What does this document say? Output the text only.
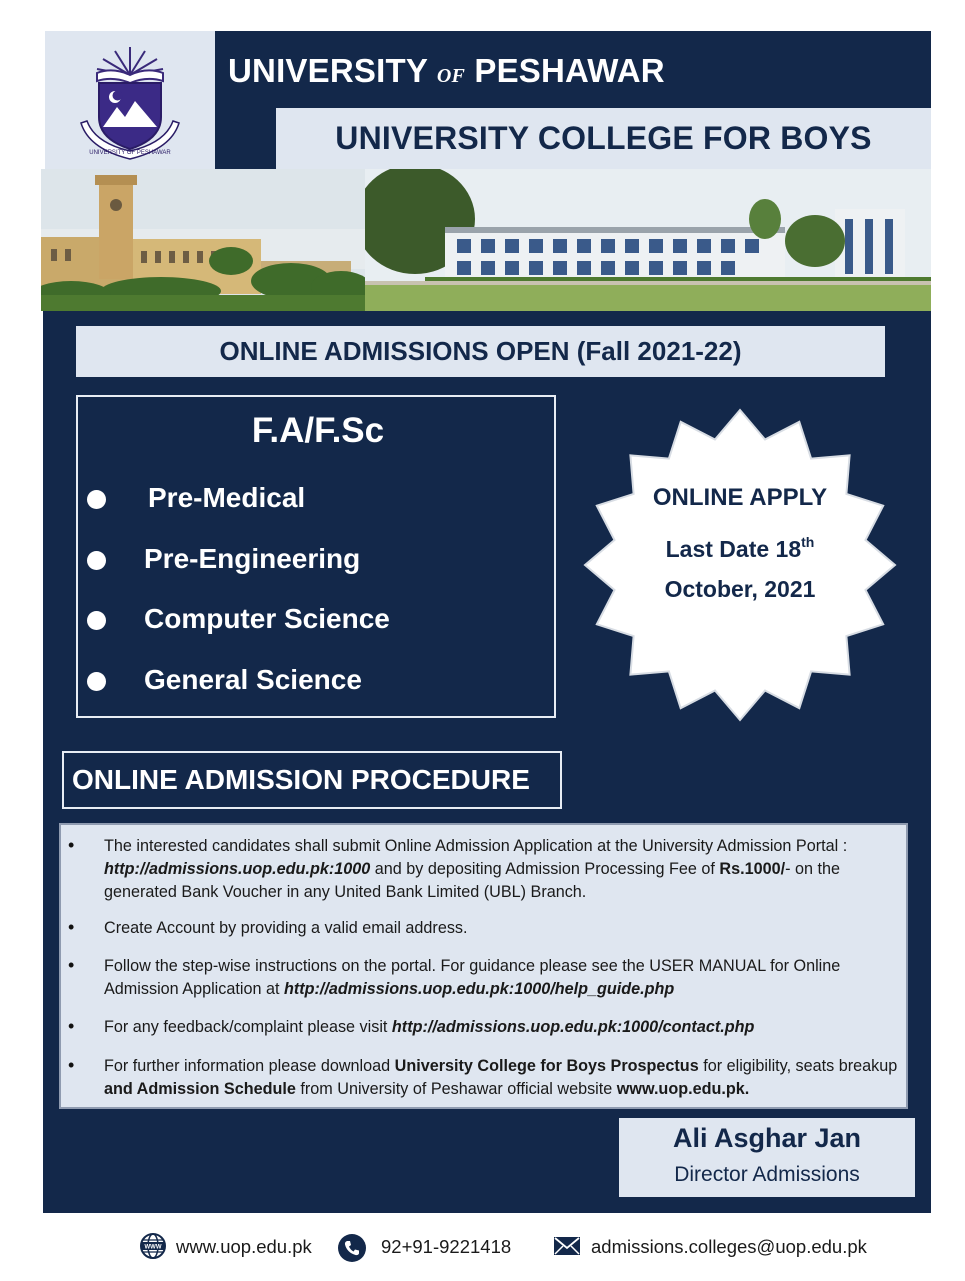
UNIVERSITY OF PESHAWAR
UNIVERSITY OF PESHAWAR
UNIVERSITY COLLEGE FOR BOYS
ONLINE ADMISSIONS OPEN (Fall 2021-22)
F.A/F.Sc
Pre-Medical
Pre-Engineering
Computer Science
General Science
ONLINE APPLY
Last Date 18th
October, 2021
ONLINE ADMISSION PROCEDURE
• The interested candidates shall submit Online Admission Application at the University Admission Portal : http://admissions.uop.edu.pk:1000 and by depositing Admission Processing Fee of Rs.1000/- on the generated Bank Voucher in any United Bank Limited (UBL) Branch.
• Create Account by providing a valid email address.
• Follow the step-wise instructions on the portal. For guidance please see the USER MANUAL for Online Admission Application at http://admissions.uop.edu.pk:1000/help_guide.php
• For any feedback/complaint please visit http://admissions.uop.edu.pk:1000/contact.php
• For further information please download University College for Boys Prospectus for eligibility, seats breakup and Admission Schedule from University of Peshawar official website www.uop.edu.pk.
Ali Asghar Jan
Director Admissions
WWW www.uop.edu.pk	92+91-9221418	admissions.colleges@uop.edu.pk
